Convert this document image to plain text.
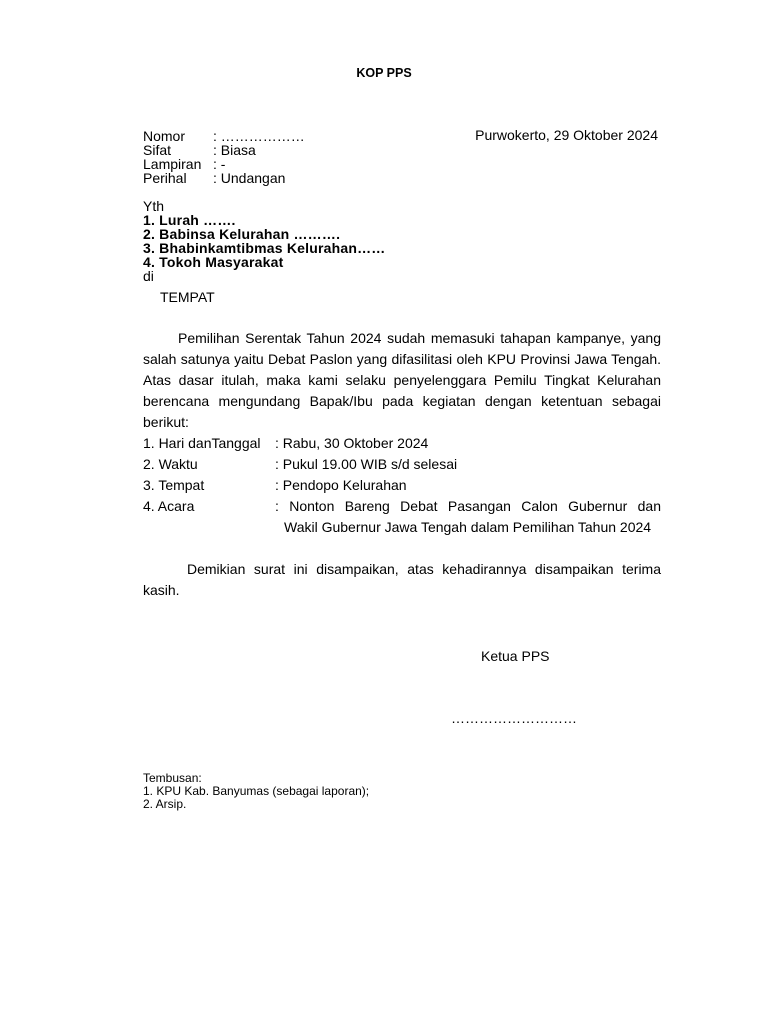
KOP PPS
Nomor	: ………………
Sifat	: Biasa
Lampiran : -
Perihal	: Undangan
Purwokerto, 29 Oktober 2024
Yth
1. Lurah …….
2. Babinsa Kelurahan ……….
3. Bhabinkamtibmas Kelurahan……
4. Tokoh Masyarakat
di
TEMPAT
Pemilihan Serentak Tahun 2024 sudah memasuki tahapan kampanye, yang salah satunya yaitu Debat Paslon yang difasilitasi oleh KPU Provinsi Jawa Tengah. Atas dasar itulah, maka kami selaku penyelenggara Pemilu Tingkat Kelurahan berencana mengundang Bapak/Ibu pada kegiatan dengan ketentuan sebagai berikut:
1. Hari danTanggal	: Rabu, 30 Oktober 2024
2. Waktu	: Pukul 19.00 WIB s/d selesai
3. Tempat	: Pendopo Kelurahan
4. Acara	: Nonton Bareng Debat Pasangan Calon Gubernur dan
Wakil Gubernur Jawa Tengah dalam Pemilihan Tahun 2024
Demikian surat ini disampaikan, atas kehadirannya disampaikan terima kasih.
Ketua PPS
………………………
Tembusan:
1. KPU Kab. Banyumas (sebagai laporan);
2. Arsip.
